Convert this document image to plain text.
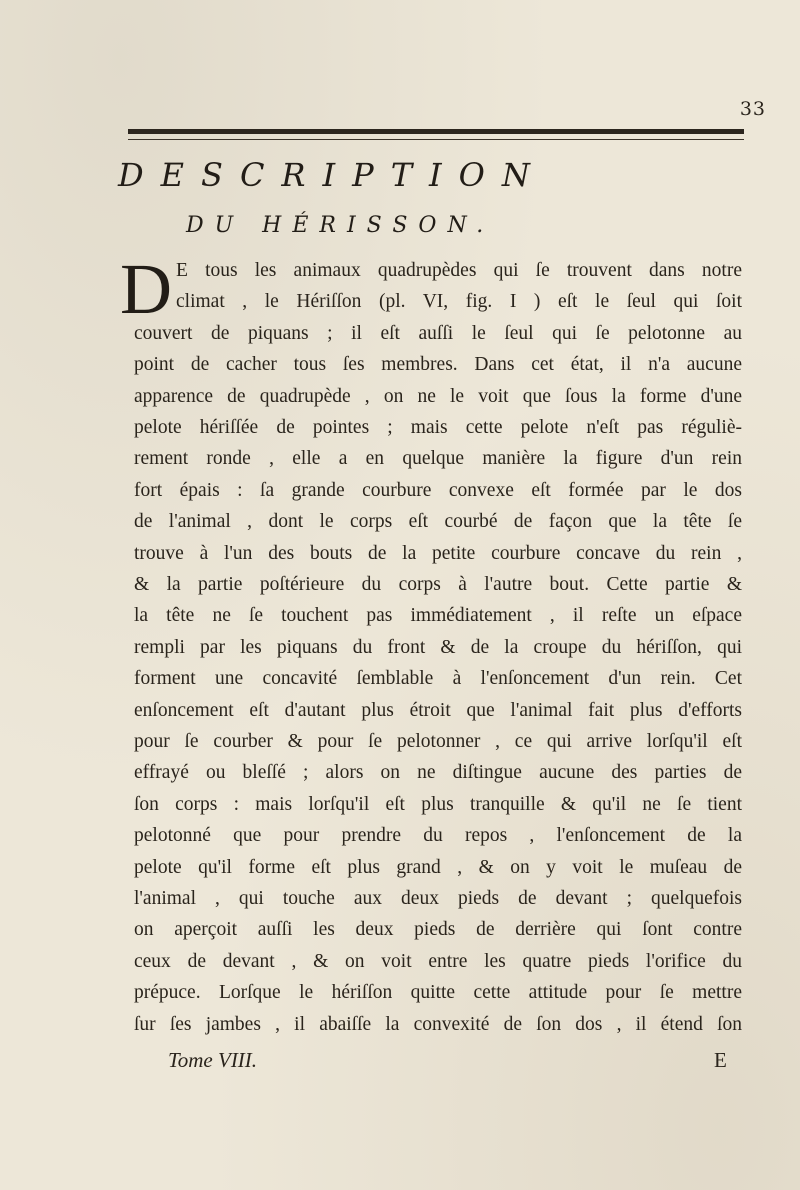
33
DESCRIPTION
DU HÉRISSON.
D E tous les animaux quadrupèdes qui ſe trouvent dans notre
climat , le Hériſſon (pl. VI, fig. I ) eſt le ſeul qui ſoit
couvert de piquans ; il eſt auſſi le ſeul qui ſe pelotonne au
point de cacher tous ſes membres. Dans cet état, il n'a aucune
apparence de quadrupède , on ne le voit que ſous la forme d'une
pelote hériſſée de pointes ; mais cette pelote n'eſt pas réguliè-
rement ronde , elle a en quelque manière la figure d'un rein
fort épais : ſa grande courbure convexe eſt formée par le dos
de l'animal , dont le corps eſt courbé de façon que la tête ſe
trouve à l'un des bouts de la petite courbure concave du rein ,
& la partie poſtérieure du corps à l'autre bout. Cette partie &
la tête ne ſe touchent pas immédiatement , il reſte un eſpace
rempli par les piquans du front & de la croupe du hériſſon, qui
forment une concavité ſemblable à l'enſoncement d'un rein. Cet
enſoncement eſt d'autant plus étroit que l'animal fait plus d'efforts
pour ſe courber & pour ſe pelotonner , ce qui arrive lorſqu'il eſt
effrayé ou bleſſé ; alors on ne diſtingue aucune des parties de
ſon corps : mais lorſqu'il eſt plus tranquille & qu'il ne ſe tient
pelotonné que pour prendre du repos , l'enſoncement de la
pelote qu'il forme eſt plus grand , & on y voit le muſeau de
l'animal , qui touche aux deux pieds de devant ; quelquefois
on aperçoit auſſi les deux pieds de derrière qui ſont contre
ceux de devant , & on voit entre les quatre pieds l'orifice du
prépuce. Lorſque le hériſſon quitte cette attitude pour ſe mettre
ſur ſes jambes , il abaiſſe la convexité de ſon dos , il étend ſon
Tome VIII.	E
